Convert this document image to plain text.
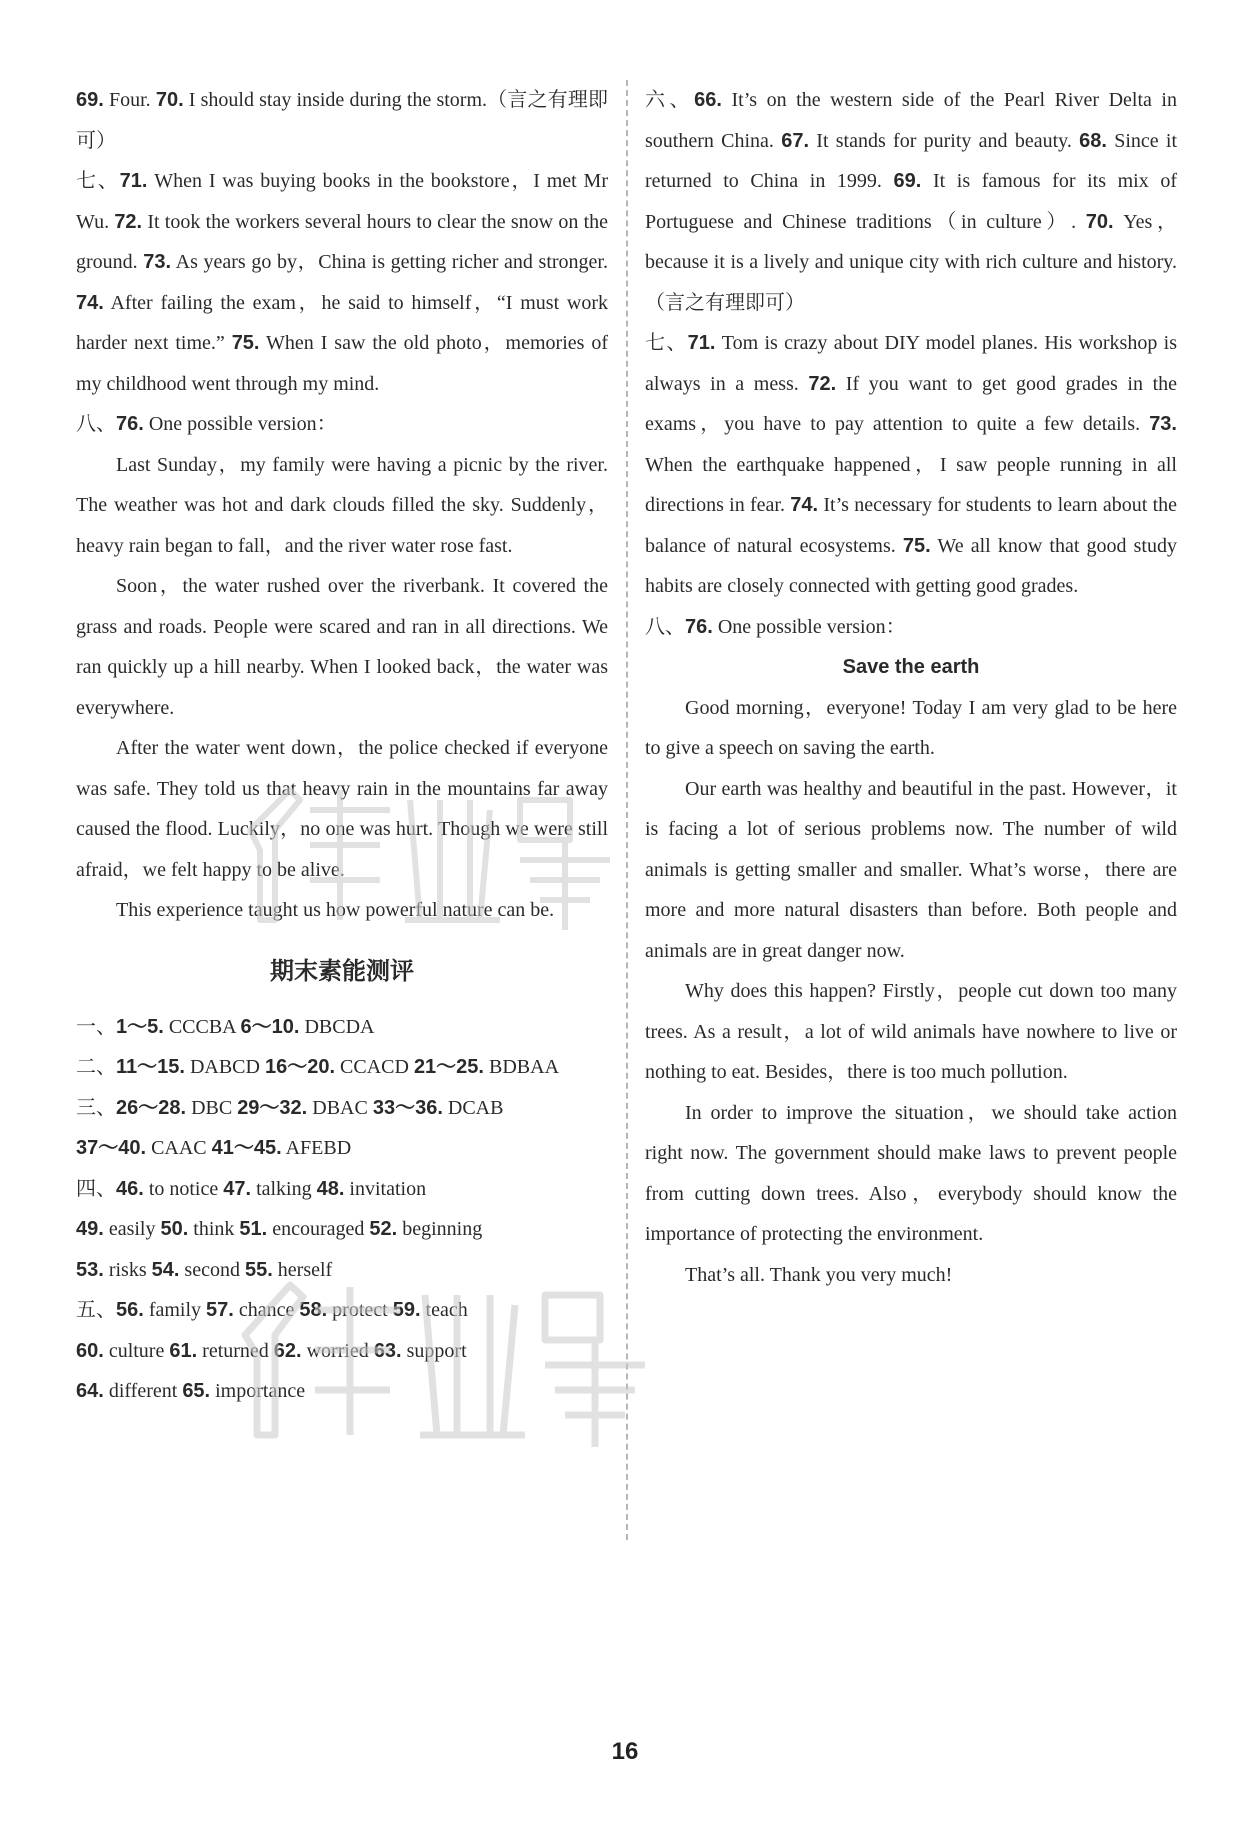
69. Four. 70. I should stay inside during the storm.（言之有理即可）

七、71. When I was buying books in the bookstore，I met Mr Wu. 72. It took the workers several hours to clear the snow on the ground. 73. As years go by，China is getting richer and stronger. 74. After failing the exam，he said to himself，“I must work harder next time.” 75. When I saw the old photo，memories of my childhood went through my mind.

八、76. One possible version：

Last Sunday，my family were having a picnic by the river. The weather was hot and dark clouds filled the sky. Suddenly，heavy rain began to fall，and the river water rose fast.

Soon，the water rushed over the riverbank. It covered the grass and roads. People were scared and ran in all directions. We ran quickly up a hill nearby. When I looked back，the water was everywhere.

After the water went down，the police checked if everyone was safe. They told us that heavy rain in the mountains far away caused the flood. Luckily，no one was hurt. Though we were still afraid，we felt happy to be alive.

This experience taught us how powerful nature can be.

期末素能测评

一、1～5. CCCBA 6～10. DBCDA

二、11～15. DABCD 16～20. CCACD 21～25. BDBAA

三、26～28. DBC 29～32. DBAC 33～36. DCAB

37～40. CAAC 41～45. AFEBD

四、46. to notice 47. talking 48. invitation

49. easily 50. think 51. encouraged 52. beginning

53. risks 54. second 55. herself

五、56. family 57. chance 58. protect 59. teach

60. culture 61. returned 62. worried 63. support

64. different 65. importance

六、66. It’s on the western side of the Pearl River Delta in southern China. 67. It stands for purity and beauty. 68. Since it returned to China in 1999. 69. It is famous for its mix of Portuguese and Chinese traditions（in culture）. 70. Yes，because it is a lively and unique city with rich culture and history.（言之有理即可）

七、71. Tom is crazy about DIY model planes. His workshop is always in a mess. 72. If you want to get good grades in the exams，you have to pay attention to quite a few details. 73. When the earthquake happened，I saw people running in all directions in fear. 74. It’s necessary for students to learn about the balance of natural ecosystems. 75. We all know that good study habits are closely connected with getting good grades.

八、76. One possible version：

Save the earth

Good morning，everyone! Today I am very glad to be here to give a speech on saving the earth.

Our earth was healthy and beautiful in the past. However，it is facing a lot of serious problems now. The number of wild animals is getting smaller and smaller. What’s worse，there are more and more natural disasters than before. Both people and animals are in great danger now.

Why does this happen? Firstly，people cut down too many trees. As a result，a lot of wild animals have nowhere to live or nothing to eat. Besides，there is too much pollution.

In order to improve the situation，we should take action right now. The government should make laws to prevent people from cutting down trees. Also，everybody should know the importance of protecting the environment.

That’s all. Thank you very much!

16
